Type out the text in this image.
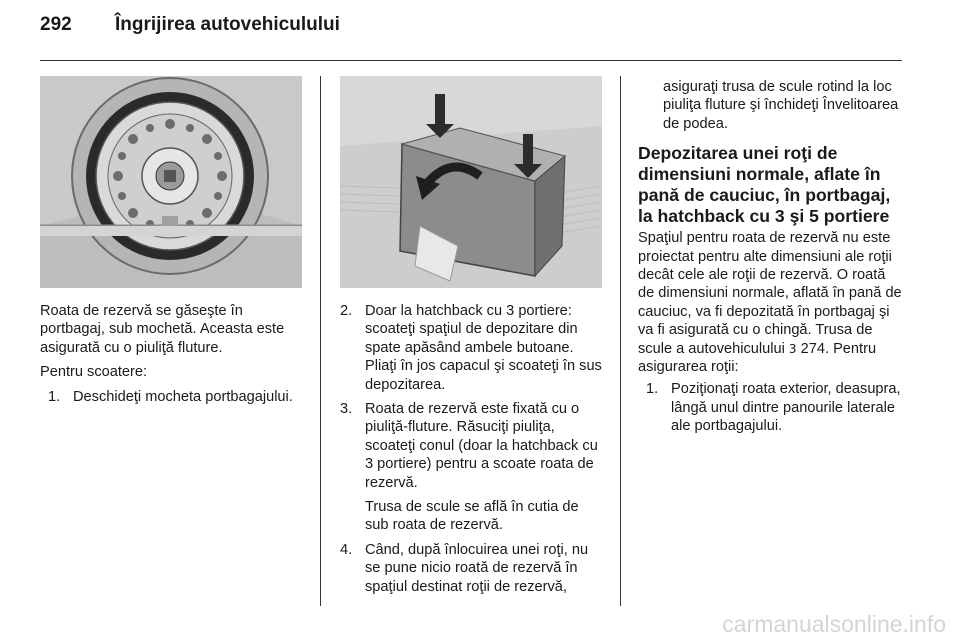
292 Îngrijirea autovehiculului

Roata de rezervă se găseşte în portbagaj, sub mochetă. Aceasta este asigurată cu o piuliţă fluture.

Pentru scoatere:

1. Deschideţi mocheta portbagajului.
2. Doar la hatchback cu 3 portiere: scoateţi spaţiul de depozitare din spate apăsând ambele butoane. Pliaţi în jos capacul şi scoateţi în sus depozitarea.
3. Roata de rezervă este fixată cu o piuliţă-fluture. Răsuciţi piuliţa, scoateţi conul (doar la hatchback cu 3 portiere) pentru a scoate roata de rezervă.
Trusa de scule se află în cutia de sub roata de rezervă.
4. Când, după înlocuirea unei roţi, nu se pune nicio roată de rezervă în spaţiul destinat roţii de rezervă,
asiguraţi trusa de scule rotind la loc piuliţa fluture şi închideţi Învelitoarea de podea.
Depozitarea unei roţi de dimensiuni normale, aflate în pană de cauciuc, în portbagaj, la hatchback cu 3 şi 5 portiere

Spaţiul pentru roata de rezervă nu este proiectat pentru alte dimensiuni ale roţii decât cele ale roţii de rezervă. O roată de dimensiuni normale, aflată în pană de cauciuc, va fi depozitată în portbagaj şi va fi asigurată cu o chingă. Trusa de scule a autovehiculului 3 274. Pentru asigurarea roţii:

1. Poziţionaţi roata exterior, deasupra, lângă unul dintre panourile laterale ale portbagajului.
carmanualsonline.info
